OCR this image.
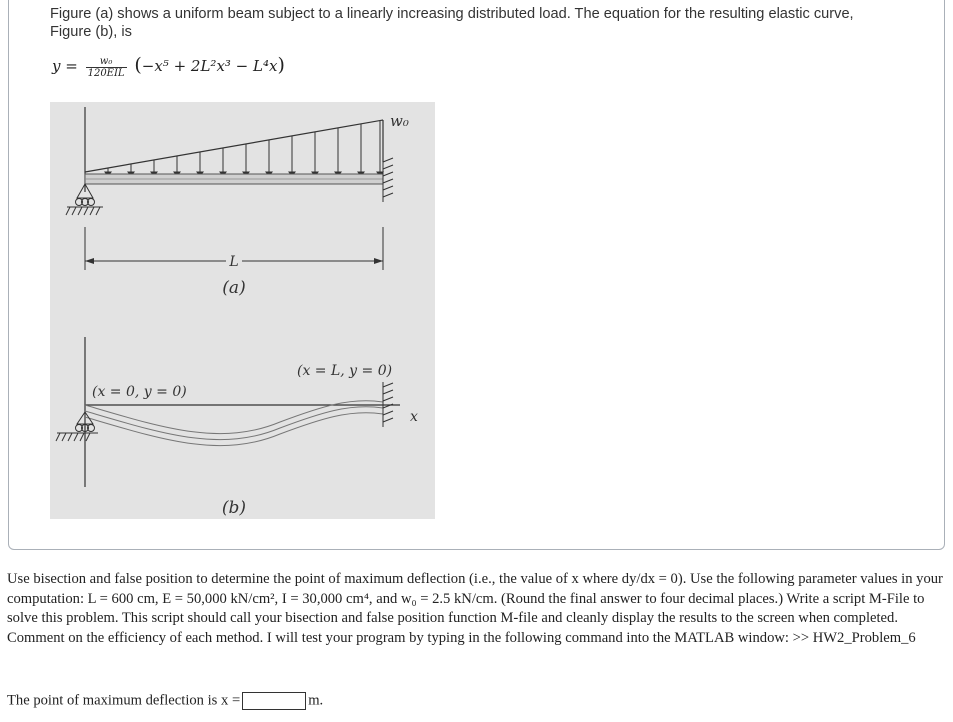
Figure (a) shows a uniform beam subject to a linearly increasing distributed load. The equation for the resulting elastic curve, Figure (b), is
$y = \frac{\text{w₀}}{\text{120EIL}} (-x^5 + 2L^2x^3 - L^4x)$
w₀
L
(a)
(x = 0, y = 0)
(x = L, y = 0)
x
(b)
Use bisection and false position to determine the point of maximum deflection (i.e., the value of x where dy/dx = 0). Use the following parameter values in your computation: L = 600 cm, E = 50,000 kN/cm², I = 30,000 cm⁴, and w₀ = 2.5 kN/cm. (Round the final answer to four decimal places.) Write a script M-File to solve this problem. This script should call your bisection and false position function M-file and cleanly display the results to the screen when completed. Comment on the efficiency of each method. I will test your program by typing in the following command into the MATLAB window: >> HW2_Problem_6
The point of maximum deflection is x =	m.
